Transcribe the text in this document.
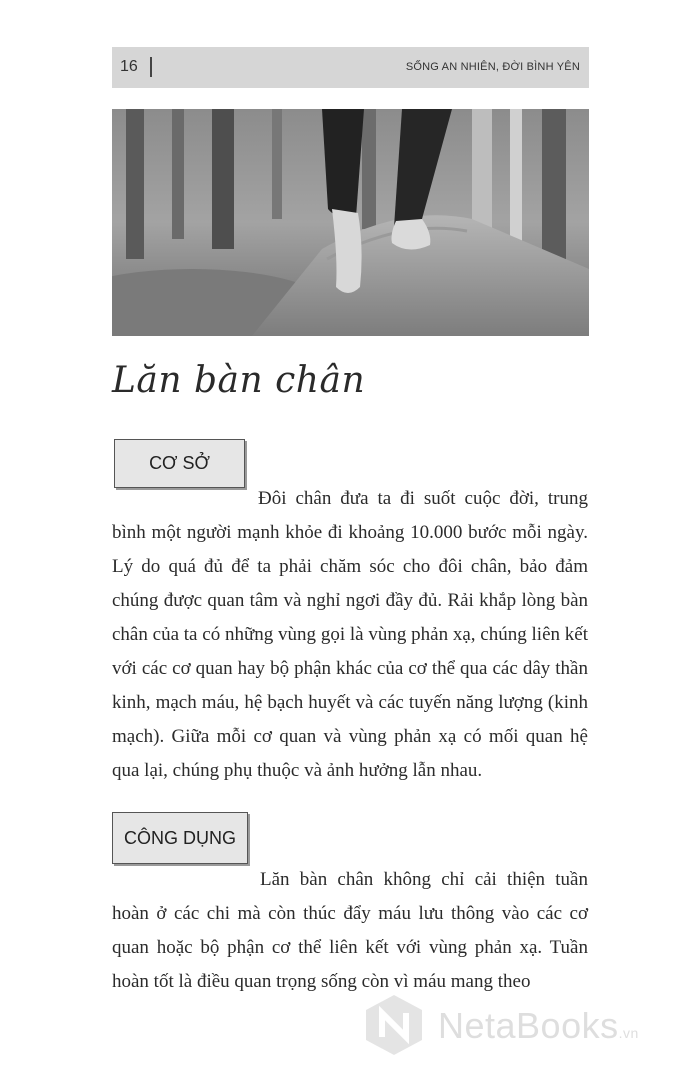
16	SỐNG AN NHIÊN, ĐỜI BÌNH YÊN
Lăn bàn chân
CƠ SỞ

Đôi chân đưa ta đi suốt cuộc đời, trung bình một người mạnh khỏe đi khoảng 10.000 bước mỗi ngày. Lý do quá đủ để ta phải chăm sóc cho đôi chân, bảo đảm chúng được quan tâm và nghỉ ngơi đầy đủ. Rải khắp lòng bàn chân của ta có những vùng gọi là vùng phản xạ, chúng liên kết với các cơ quan hay bộ phận khác của cơ thể qua các dây thần kinh, mạch máu, hệ bạch huyết và các tuyến năng lượng (kinh mạch). Giữa mỗi cơ quan và vùng phản xạ có mối quan hệ qua lại, chúng phụ thuộc và ảnh hưởng lẫn nhau.

CÔNG DỤNG

Lăn bàn chân không chỉ cải thiện tuần hoàn ở các chi mà còn thúc đẩy máu lưu thông vào các cơ quan hoặc bộ phận cơ thể liên kết với vùng phản xạ. Tuần hoàn tốt là điều quan trọng sống còn vì máu mang theo

NetaBooks.vn
